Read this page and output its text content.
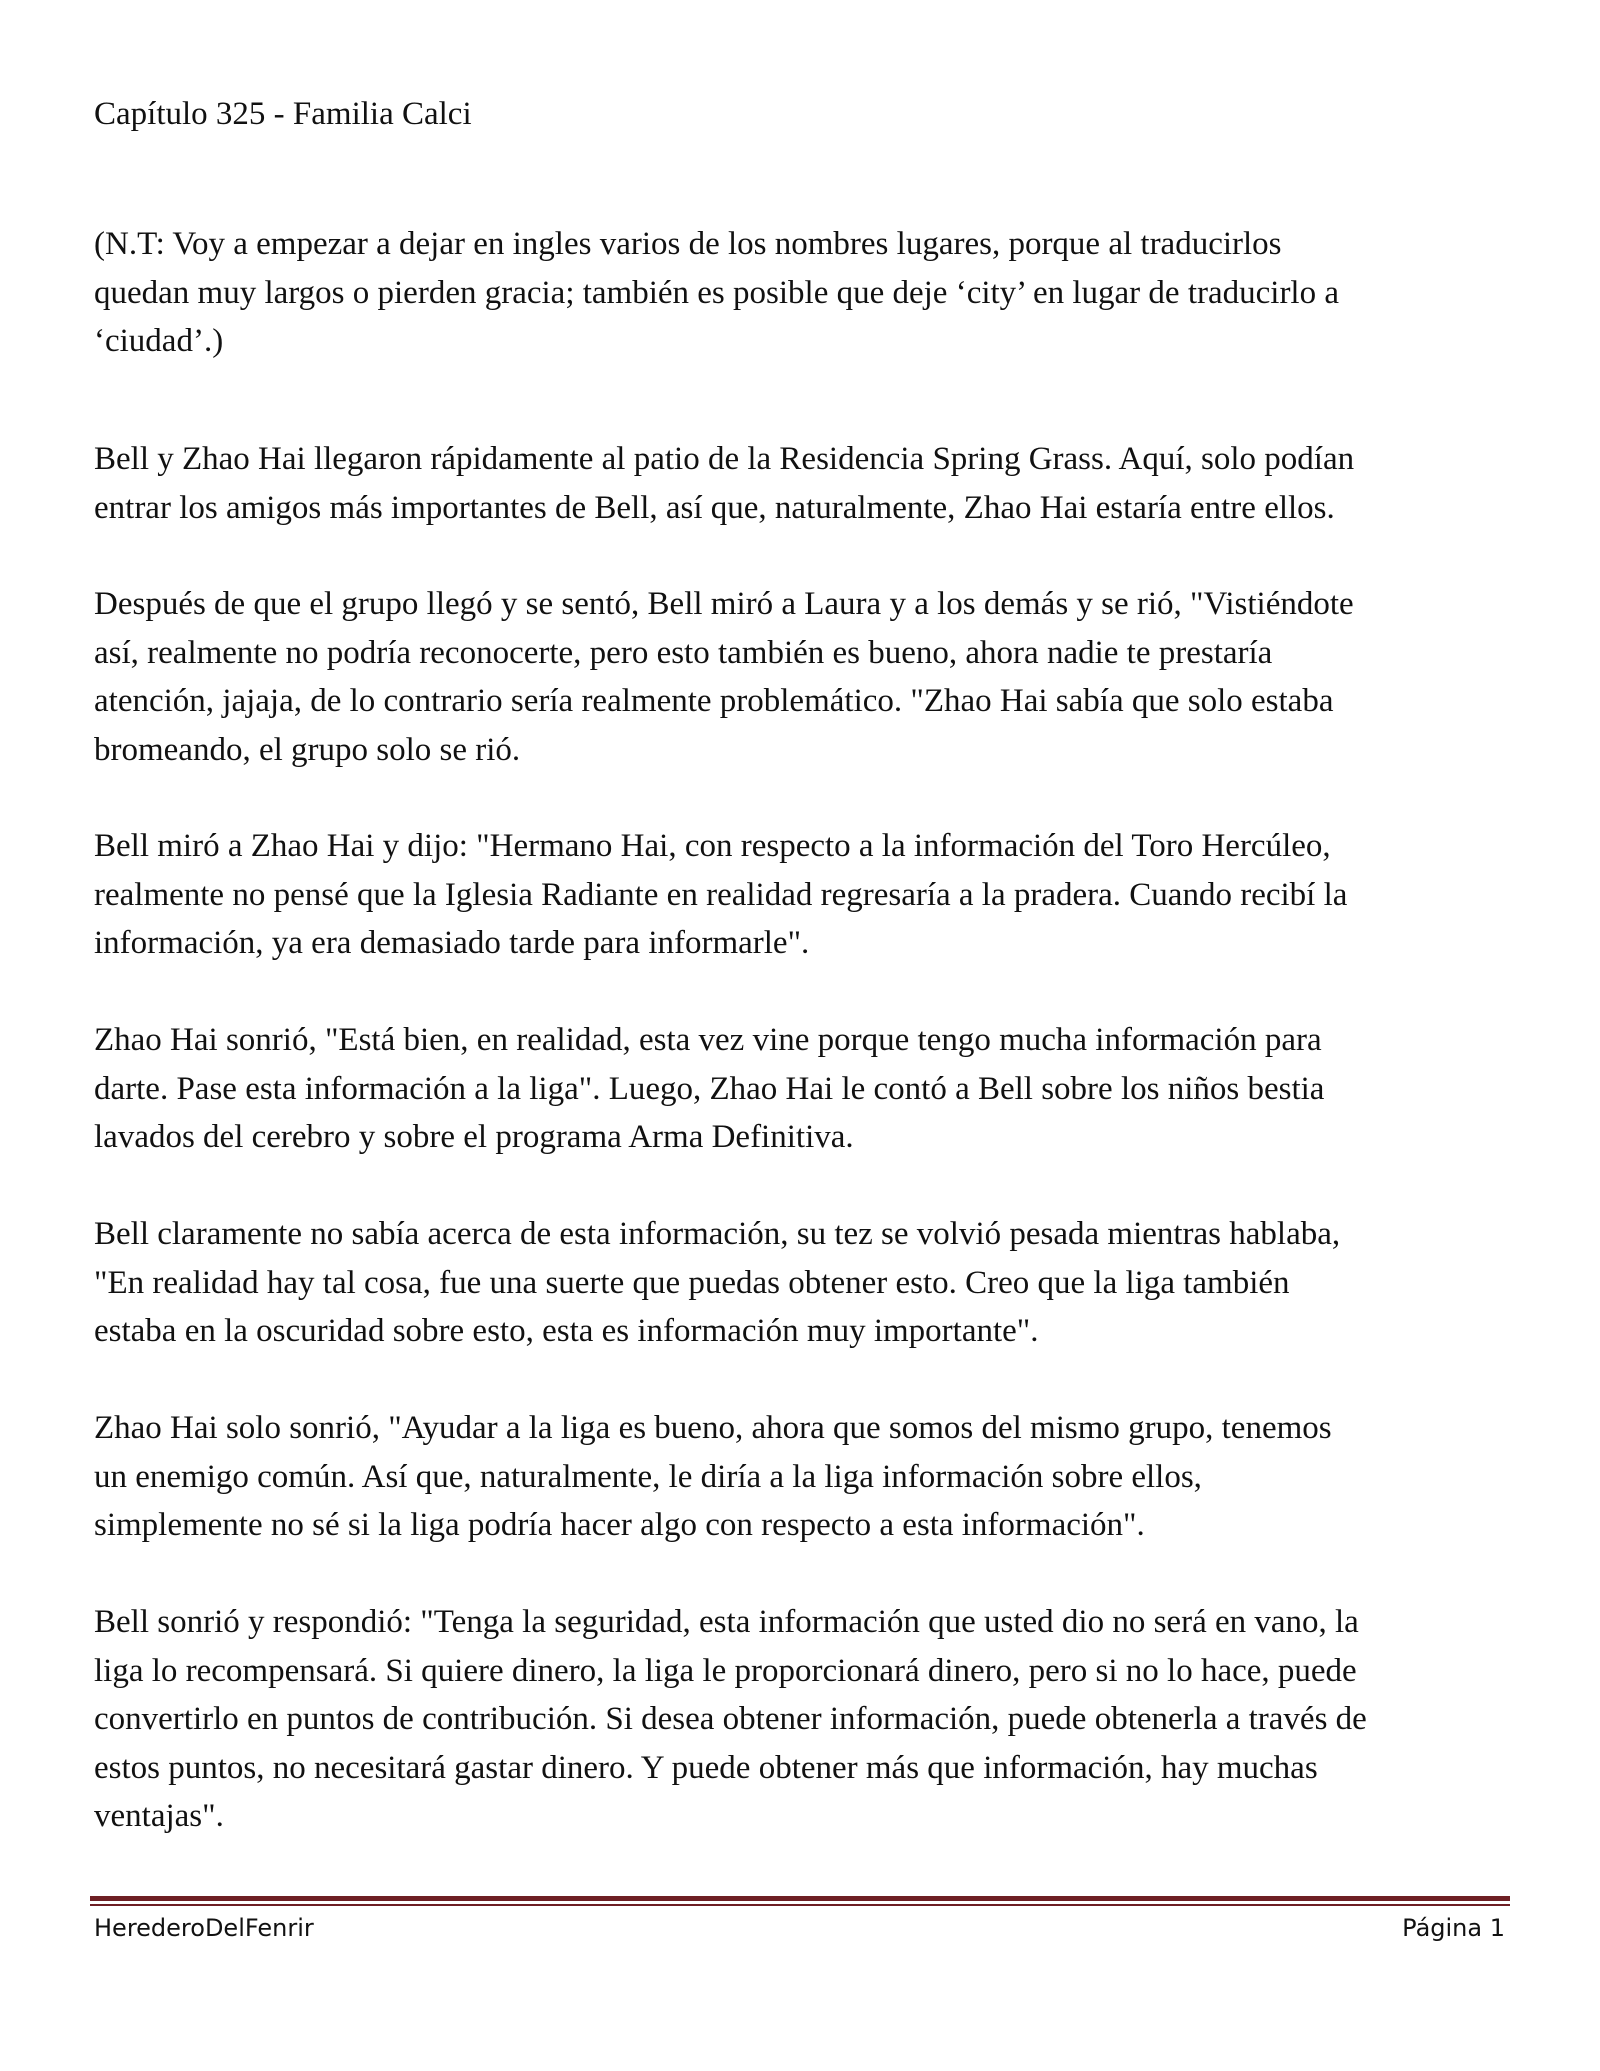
Capítulo 325 - Familia Calci

(N.T: Voy a empezar a dejar en ingles varios de los nombres lugares, porque al traducirlos
quedan muy largos o pierden gracia; también es posible que deje ‘city’ en lugar de traducirlo a
‘ciudad’.)

Bell y Zhao Hai llegaron rápidamente al patio de la Residencia Spring Grass. Aquí, solo podían
entrar los amigos más importantes de Bell, así que, naturalmente, Zhao Hai estaría entre ellos.

Después de que el grupo llegó y se sentó, Bell miró a Laura y a los demás y se rió, "Vistiéndote
así, realmente no podría reconocerte, pero esto también es bueno, ahora nadie te prestaría
atención, jajaja, de lo contrario sería realmente problemático. "Zhao Hai sabía que solo estaba
bromeando, el grupo solo se rió.

Bell miró a Zhao Hai y dijo: "Hermano Hai, con respecto a la información del Toro Hercúleo,
realmente no pensé que la Iglesia Radiante en realidad regresaría a la pradera. Cuando recibí la
información, ya era demasiado tarde para informarle".

Zhao Hai sonrió, "Está bien, en realidad, esta vez vine porque tengo mucha información para
darte. Pase esta información a la liga". Luego, Zhao Hai le contó a Bell sobre los niños bestia
lavados del cerebro y sobre el programa Arma Definitiva.

Bell claramente no sabía acerca de esta información, su tez se volvió pesada mientras hablaba,
"En realidad hay tal cosa, fue una suerte que puedas obtener esto. Creo que la liga también
estaba en la oscuridad sobre esto, esta es información muy importante".

Zhao Hai solo sonrió, "Ayudar a la liga es bueno, ahora que somos del mismo grupo, tenemos
un enemigo común. Así que, naturalmente, le diría a la liga información sobre ellos,
simplemente no sé si la liga podría hacer algo con respecto a esta información".

Bell sonrió y respondió: "Tenga la seguridad, esta información que usted dio no será en vano, la
liga lo recompensará. Si quiere dinero, la liga le proporcionará dinero, pero si no lo hace, puede
convertirlo en puntos de contribución. Si desea obtener información, puede obtenerla a través de
estos puntos, no necesitará gastar dinero. Y puede obtener más que información, hay muchas
ventajas".

HerederoDelFenrir	Página 1
